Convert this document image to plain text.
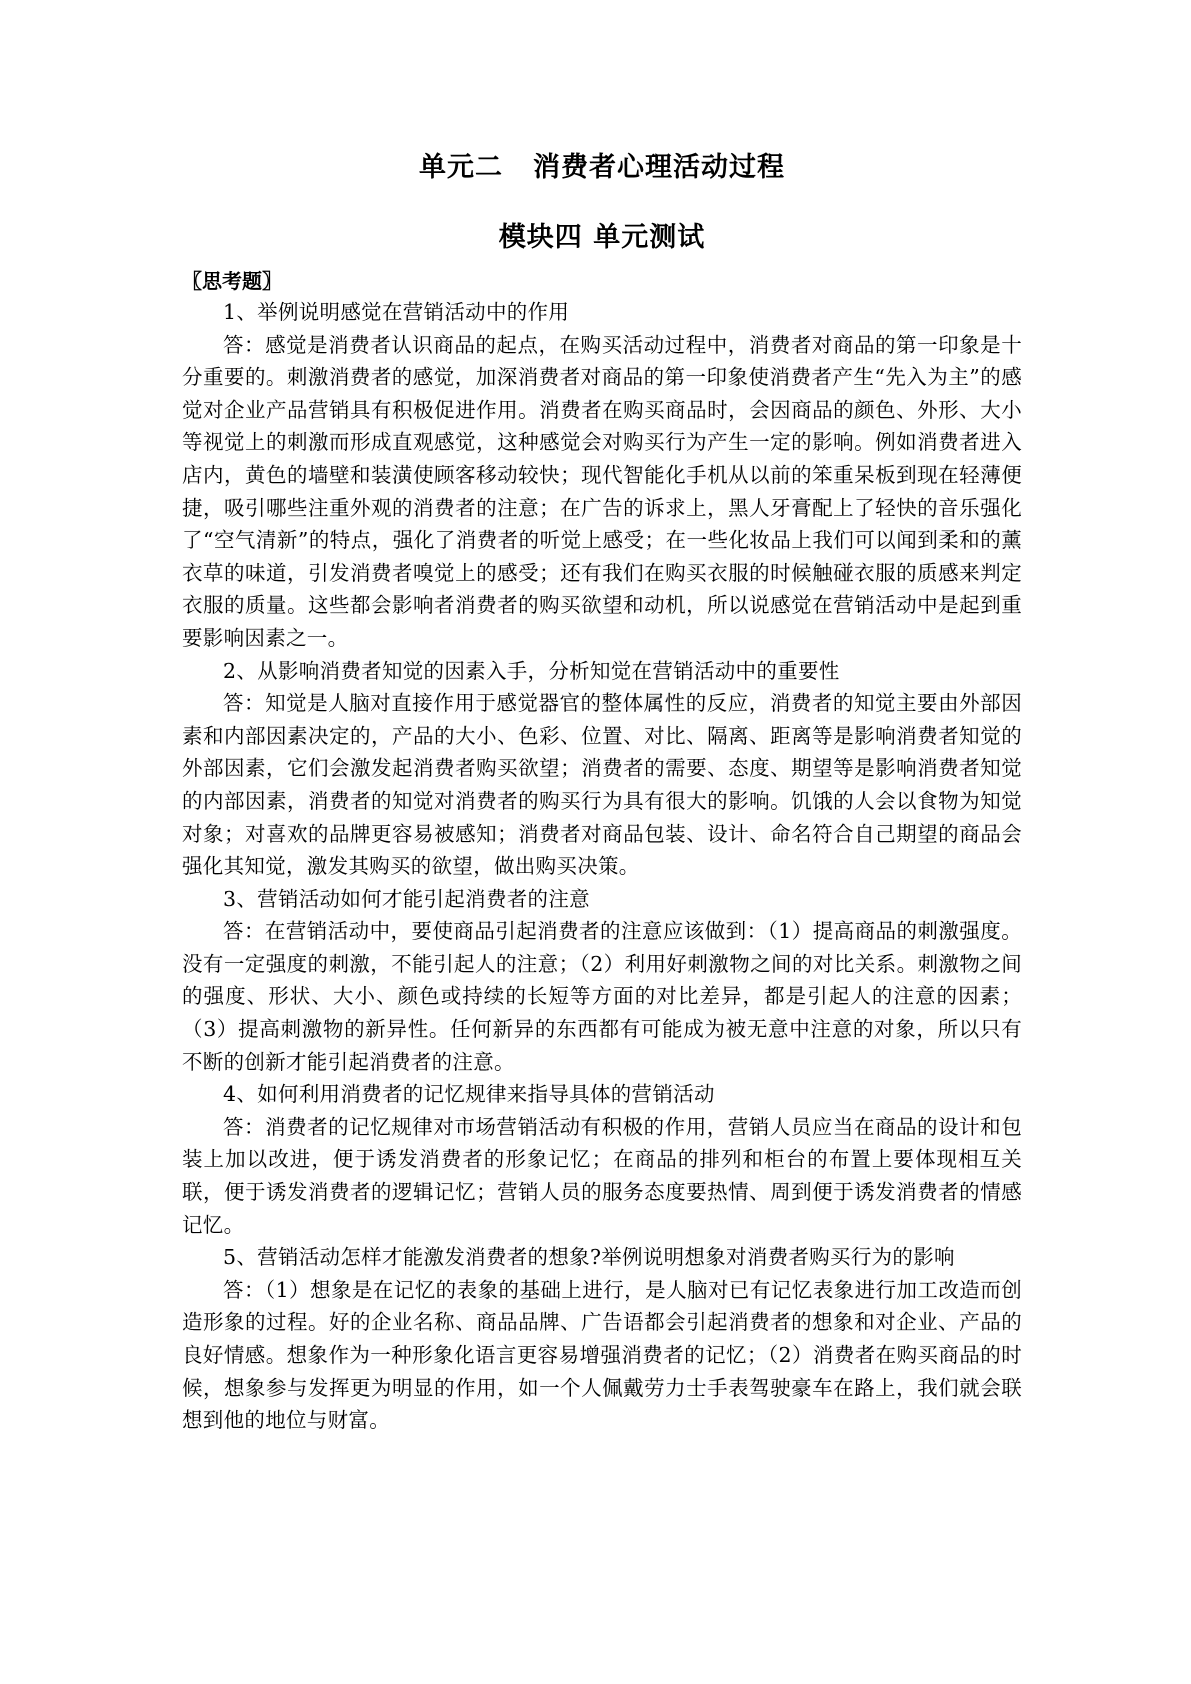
单元二 消费者心理活动过程
模块四 单元测试

〖思考题〗

1、举例说明感觉在营销活动中的作用

答：感觉是消费者认识商品的起点，在购买活动过程中，消费者对商品的第一印象是十分重要的。刺激消费者的感觉，加深消费者对商品的第一印象使消费者产生“先入为主”的感觉对企业产品营销具有积极促进作用。消费者在购买商品时，会因商品的颜色、外形、大小等视觉上的刺激而形成直观感觉，这种感觉会对购买行为产生一定的影响。例如消费者进入店内，黄色的墙壁和装潢使顾客移动较快；现代智能化手机从以前的笨重呆板到现在轻薄便捷，吸引哪些注重外观的消费者的注意；在广告的诉求上，黑人牙膏配上了轻快的音乐强化了“空气清新”的特点，强化了消费者的听觉上感受；在一些化妆品上我们可以闻到柔和的薰衣草的味道，引发消费者嗅觉上的感受；还有我们在购买衣服的时候触碰衣服的质感来判定衣服的质量。这些都会影响者消费者的购买欲望和动机，所以说感觉在营销活动中是起到重要影响因素之一。

2、从影响消费者知觉的因素入手，分析知觉在营销活动中的重要性

答：知觉是人脑对直接作用于感觉器官的整体属性的反应，消费者的知觉主要由外部因素和内部因素决定的，产品的大小、色彩、位置、对比、隔离、距离等是影响消费者知觉的外部因素，它们会激发起消费者购买欲望；消费者的需要、态度、期望等是影响消费者知觉的内部因素，消费者的知觉对消费者的购买行为具有很大的影响。饥饿的人会以食物为知觉对象；对喜欢的品牌更容易被感知；消费者对商品包装、设计、命名符合自己期望的商品会强化其知觉，激发其购买的欲望，做出购买决策。

3、营销活动如何才能引起消费者的注意

答：在营销活动中，要使商品引起消费者的注意应该做到：（1）提高商品的刺激强度。没有一定强度的刺激，不能引起人的注意；（2）利用好刺激物之间的对比关系。刺激物之间的强度、形状、大小、颜色或持续的长短等方面的对比差异，都是引起人的注意的因素；（3）提高刺激物的新异性。任何新异的东西都有可能成为被无意中注意的对象，所以只有不断的创新才能引起消费者的注意。

4、如何利用消费者的记忆规律来指导具体的营销活动

答：消费者的记忆规律对市场营销活动有积极的作用，营销人员应当在商品的设计和包装上加以改进，便于诱发消费者的形象记忆；在商品的排列和柜台的布置上要体现相互关联，便于诱发消费者的逻辑记忆；营销人员的服务态度要热情、周到便于诱发消费者的情感记忆。

5、营销活动怎样才能激发消费者的想象?举例说明想象对消费者购买行为的影响

答：（1）想象是在记忆的表象的基础上进行，是人脑对已有记忆表象进行加工改造而创造形象的过程。好的企业名称、商品品牌、广告语都会引起消费者的想象和对企业、产品的良好情感。想象作为一种形象化语言更容易增强消费者的记忆；（2）消费者在购买商品的时候，想象参与发挥更为明显的作用，如一个人佩戴劳力士手表驾驶豪车在路上，我们就会联想到他的地位与财富。
